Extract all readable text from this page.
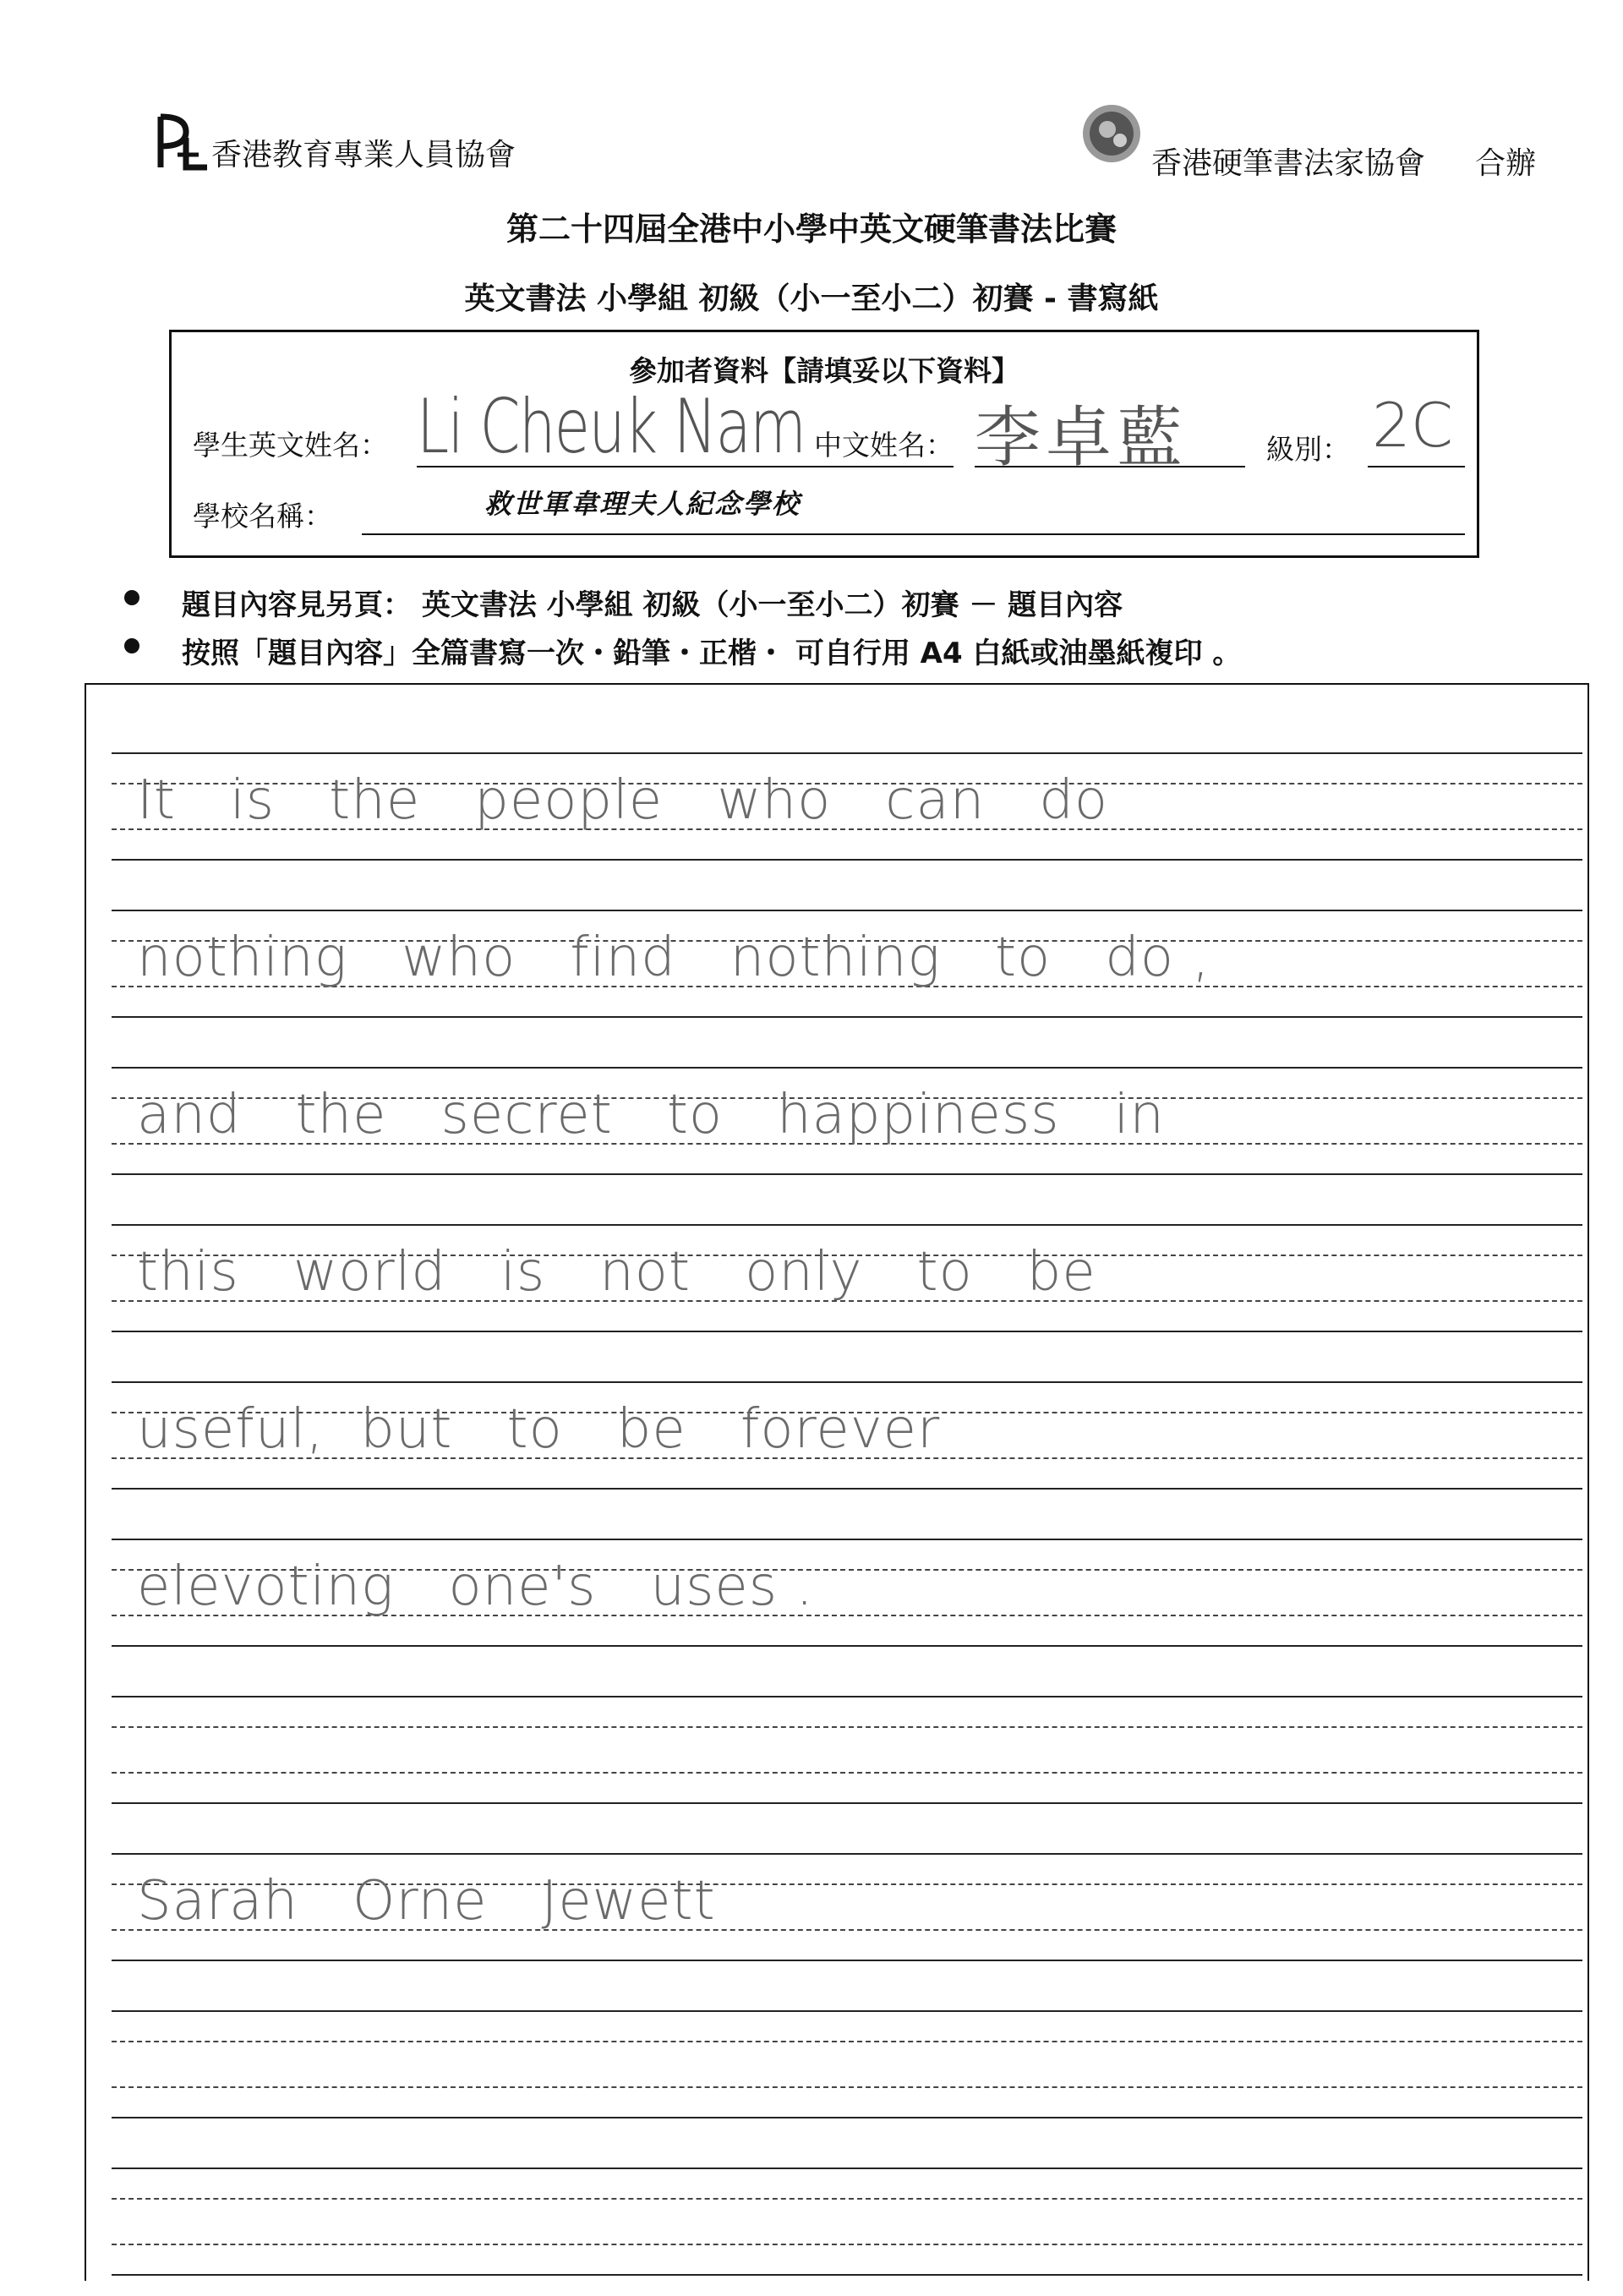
香港教育專業人員協會	香港硬筆書法家協會 合辦
第二十四屆全港中小學中英文硬筆書法比賽
英文書法 小學組 初級（小一至小二）初賽 - 書寫紙
參加者資料【請填妥以下資料】
學生英文姓名： Li Cheuk Nam 中文姓名： 李卓藍	級別： 2C
學校名稱：	救世軍韋理夫人紀念學校
題目內容見另頁： 英文書法 小學組 初級（小一至小二）初賽 － 題目內容
按照「題目內容」全篇書寫一次・鉛筆・正楷・ 可自行用 A4 白紙或油墨紙複印 。
It   is   the   people   who   can   do
nothing   who   find   nothing   to   do ,
and   the   secret   to   happiness   in
this   world   is   not   only   to   be
useful,  but   to   be   forever
elevoting   one's   uses .
Sarah   Orne   Jewett
